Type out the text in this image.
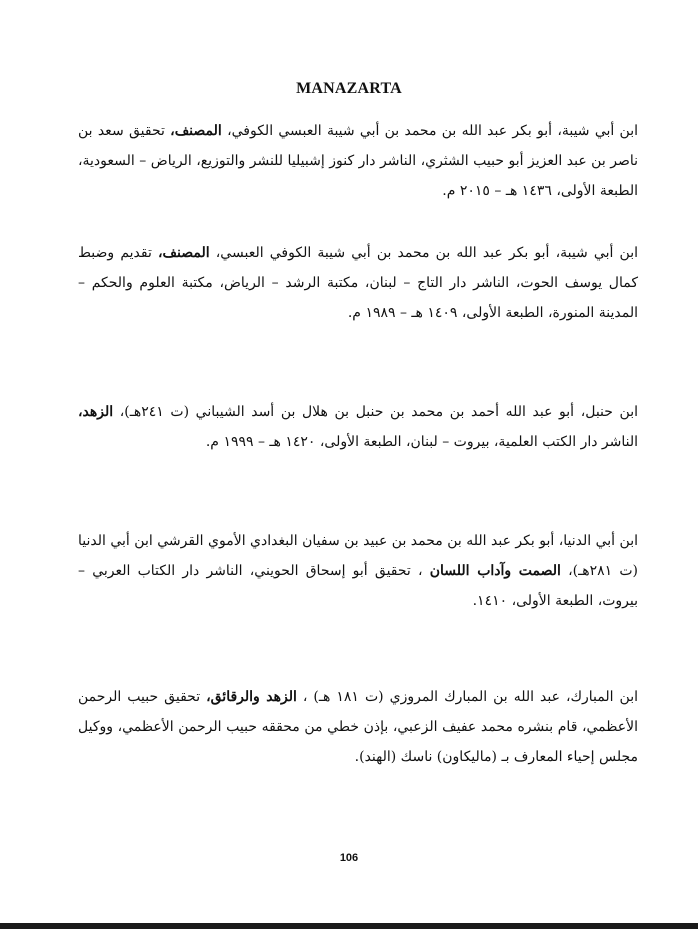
MANAZARTA

ابن أبي شيبة، أبو بكر عبد الله بن محمد بن أبي شيبة العبسي الكوفي، المصنف، تحقيق سعد بن ناصر بن عبد العزيز أبو حبيب الشثري، الناشر دار كنوز إشبيليا للنشر والتوزيع، الرياض – السعودية، الطبعة الأولى، ١٤٣٦ هـ – ٢٠١٥ م.

ابن أبي شيبة، أبو بكر عبد الله بن محمد بن أبي شيبة الكوفي العبسي، المصنف، تقديم وضبط كمال يوسف الحوت، الناشر دار التاج – لبنان، مكتبة الرشد – الرياض، مكتبة العلوم والحكم – المدينة المنورة، الطبعة الأولى، ١٤٠٩ هـ – ١٩٨٩ م.

ابن حنبل، أبو عبد الله أحمد بن محمد بن حنبل بن هلال بن أسد الشيباني (ت ٢٤١هـ)، الزهد، الناشر دار الكتب العلمية، بيروت – لبنان، الطبعة الأولى، ١٤٢٠ هـ – ١٩٩٩ م.

ابن أبي الدنيا، أبو بكر عبد الله بن محمد بن عبيد بن سفيان البغدادي الأموي القرشي ابن أبي الدنيا (ت ٢٨١هـ)، الصمت وآداب اللسان ، تحقيق أبو إسحاق الحويني، الناشر دار الكتاب العربي – بيروت، الطبعة الأولى، ١٤١٠.

ابن المبارك، عبد الله بن المبارك المروزي (ت ١٨١ هـ) ، الزهد والرقائق، تحقيق حبيب الرحمن الأعظمي، قام بنشره محمد عفيف الزعبي، بإذن خطي من محققه حبيب الرحمن الأعظمي، ووكيل مجلس إحياء المعارف بـ (ماليكاون) ناسك (الهند).

106
